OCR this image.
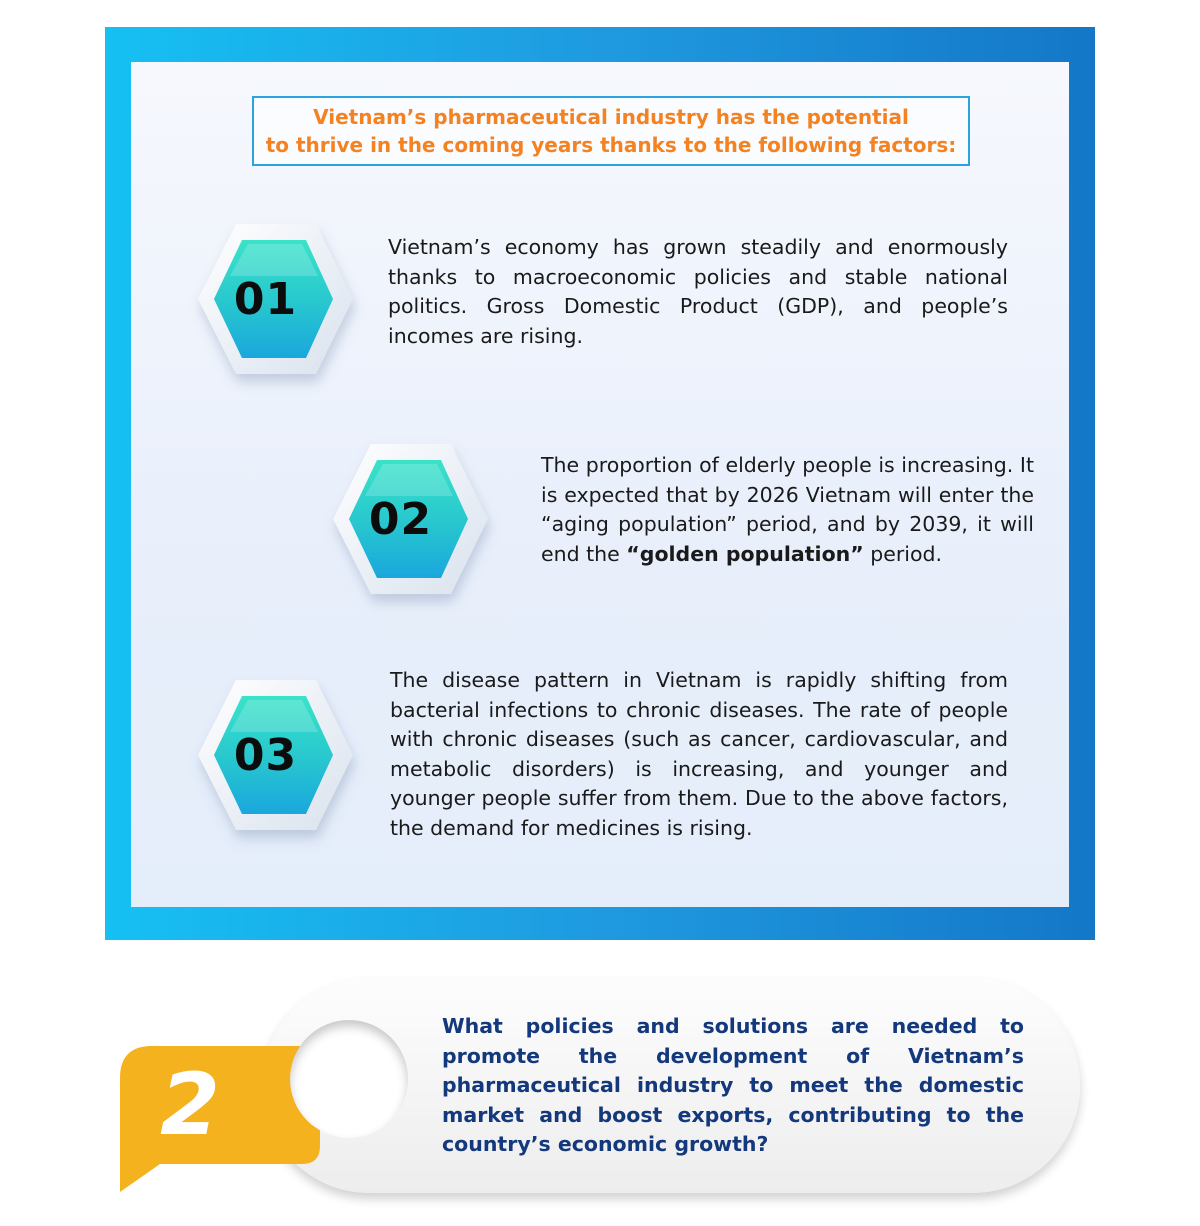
Vietnam’s pharmaceutical industry has the potential
to thrive in the coming years thanks to the following factors:
01
Vietnam’s economy has grown steadily and enormously thanks to macroeconomic policies and stable national politics. Gross Domestic Product (GDP), and people’s incomes are rising.
02
The proportion of elderly people is increasing. It is expected that by 2026 Vietnam will enter the “aging population” period, and by 2039, it will end the “golden population” period.
03
The disease pattern in Vietnam is rapidly shifting from bacterial infections to chronic diseases. The rate of people with chronic diseases (such as cancer, cardiovascular, and metabolic disorders) is increasing, and younger and younger people suffer from them. Due to the above factors, the demand for medicines is rising.
2
What policies and solutions are needed to promote the development of Vietnam’s pharmaceutical industry to meet the domestic market and boost exports, contributing to the country’s economic growth?
